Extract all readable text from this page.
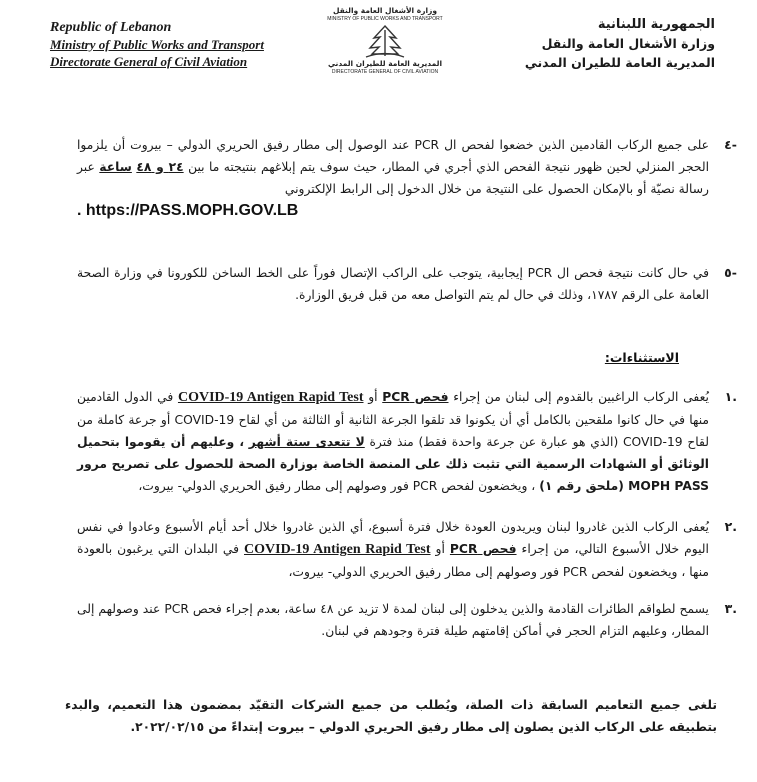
Republic of Lebanon
Ministry of Public Works and Transport
Directorate General of Civil Aviation
وزارة الأشغال العامة والنقل
MINISTRY OF PUBLIC WORKS AND TRANSPORT
المديرية العامة للطيران المدني
DIRECTORATE GENERAL OF CIVIL AVIATION
الجمهورية اللبنانية
وزارة الأشغال العامة والنقل
المديرية العامة للطيران المدني
٤-
على جميع الركاب القادمين الذين خضعوا لفحص ال PCR عند الوصول إلى مطار رفيق الحريري الدولي – بيروت أن يلزموا الحجر المنزلي لحين ظهور نتيجة الفحص الذي أجري في المطار، حيث سوف يتم إبلاغهم بنتيجته ما بين ٢٤ و ٤٨ ساعة عبر رسالة نصيّة أو بالإمكان الحصول على النتيجة من خلال الدخول إلى الرابط الإلكتروني
https://PASS.MOPH.GOV.LB .
٥-
في حال كانت نتيجة فحص ال PCR إيجابية، يتوجب على الراكب الإتصال فوراً على الخط الساخن للكورونا في وزارة الصحة العامة على الرقم ١٧٨٧، وذلك في حال لم يتم التواصل معه من قبل فريق الوزارة.
الاستثناءات:
١.
يُعفى الركاب الراغبين بالقدوم إلى لبنان من إجراء فحص PCR أو COVID-19 Antigen Rapid Test في الدول القادمين منها في حال كانوا ملقحين بالكامل أي أن يكونوا قد تلقوا الجرعة الثانية أو الثالثة من أي لقاح COVID-19 أو جرعة كاملة من لقاح COVID-19 (الذي هو عبارة عن جرعة واحدة فقط) منذ فترة لا تتعدى ستة أشهر ، وعليهم أن يقوموا بتحميل الوثائق أو الشهادات الرسمية التي تثبت ذلك على المنصة الخاصة بوزارة الصحة للحصول على تصريح مرور MOPH PASS (ملحق رقم ١) ، ويخضعون لفحص PCR فور وصولهم إلى مطار رفيق الحريري الدولي- بيروت،
٢.
يُعفى الركاب الذين غادروا لبنان ويريدون العودة خلال فترة أسبوع، أي الذين غادروا خلال أحد أيام الأسبوع وعادوا في نفس اليوم خلال الأسبوع التالي، من إجراء فحص PCR أو COVID-19 Antigen Rapid Test في البلدان التي يرغبون بالعودة منها ، ويخضعون لفحص PCR فور وصولهم إلى مطار رفيق الحريري الدولي- بيروت،
٣.
يسمح لطواقم الطائرات القادمة والذين يدخلون إلى لبنان لمدة لا تزيد عن ٤٨ ساعة، بعدم إجراء فحص PCR عند وصولهم إلى المطار، وعليهم التزام الحجر في أماكن إقامتهم طيلة فترة وجودهم في لبنان.
تلغى جميع التعاميم السابقة ذات الصلة، ويُطلب من جميع الشركات التقيّد بمضمون هذا التعميم، والبدء بتطبيقه على الركاب الذين يصلون إلى مطار رفيق الحريري الدولي – بيروت إبتداءً من ٢٠٢٢/٠٢/١٥.
